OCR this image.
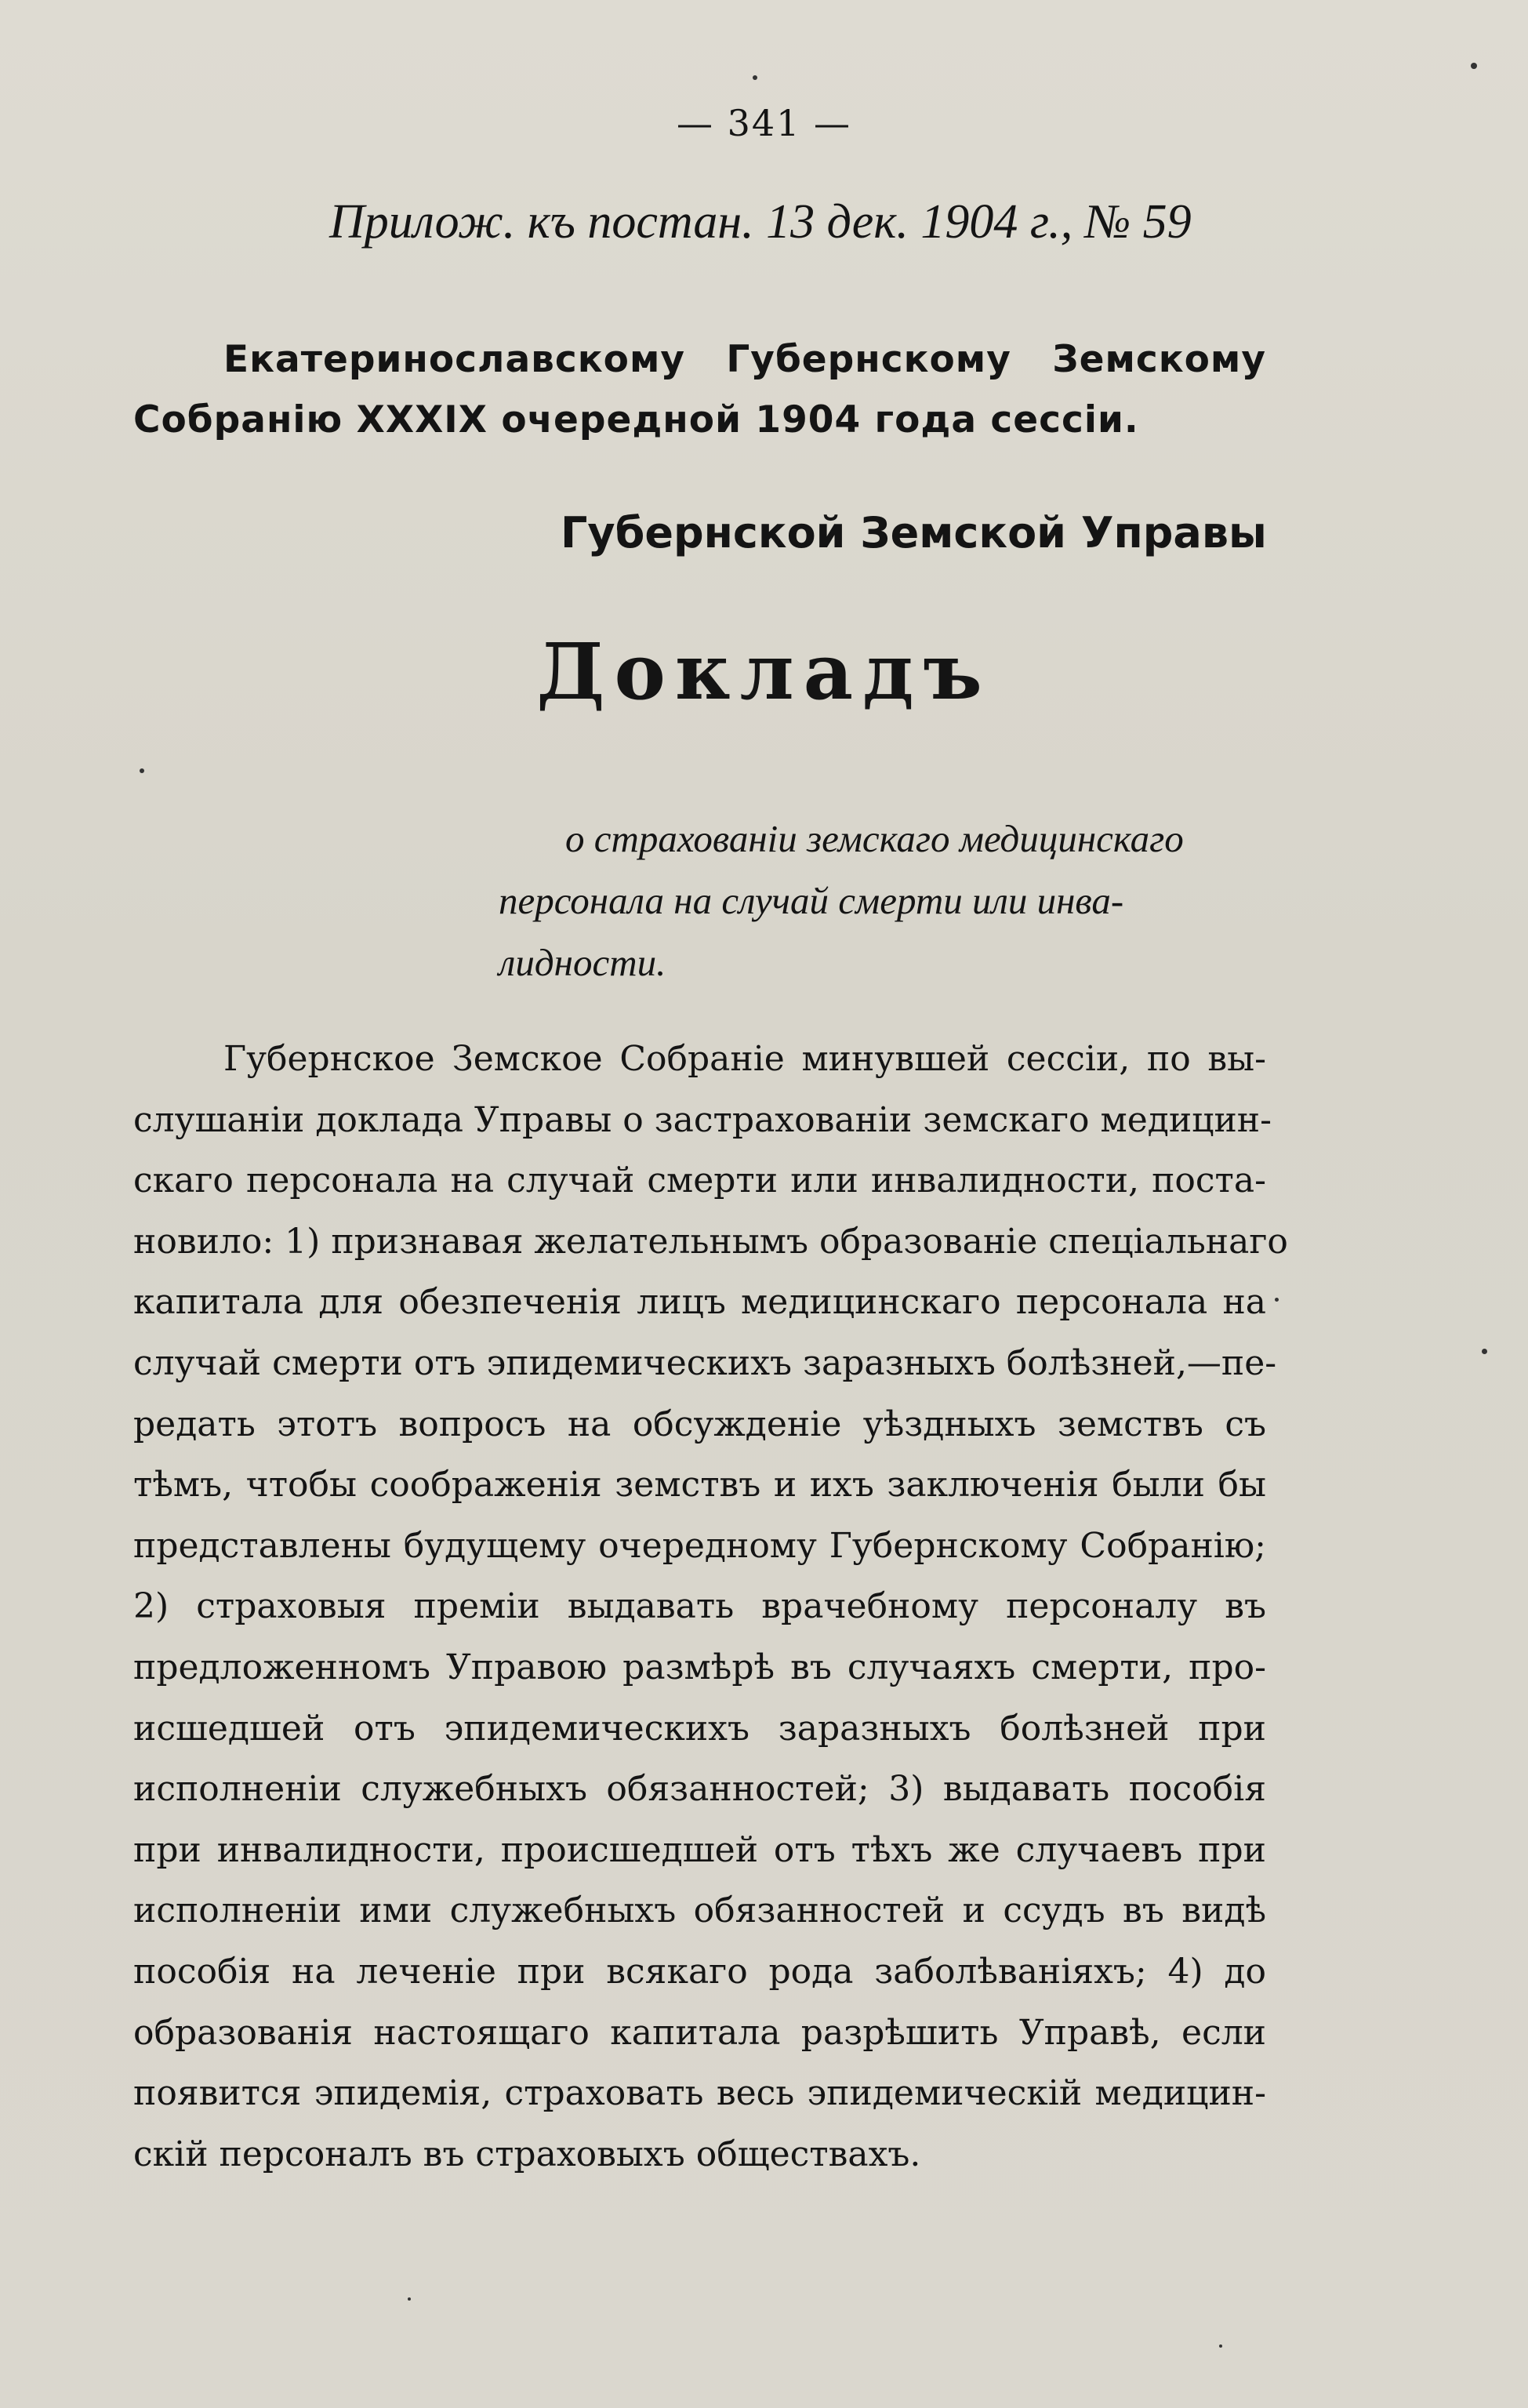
— 341 —
Прилож. къ постан. 13 дек. 1904 г., № 59
Екатеринославскому Губернскому Земскому Собранію XXXIX очередной 1904 года сессіи.
Губернской Земской Управы
Докладъ
о страхованіи земскаго медицинскаго
персонала на случай смерти или инва-
лидности.
Губернское Земское Собраніе минувшей сессіи, по вы-
слушаніи доклада Управы о застрахованіи земскаго медицин-
скаго персонала на случай смерти или инвалидности, поста-
новило: 1) признавая желательнымъ образованіе спеціальнаго
капитала для обезпеченія лицъ медицинскаго персонала на
случай смерти отъ эпидемическихъ заразныхъ болѣзней,—пе-
редать этотъ вопросъ на обсужденіе уѣздныхъ земствъ съ
тѣмъ, чтобы соображенія земствъ и ихъ заключенія были бы
представлены будущему очередному Губернскому Собранію;
2) страховыя преміи выдавать врачебному персоналу въ
предложенномъ Управою размѣрѣ въ случаяхъ смерти, про-
исшедшей отъ эпидемическихъ заразныхъ болѣзней при
исполненіи служебныхъ обязанностей; 3) выдавать пособія
при инвалидности, происшедшей отъ тѣхъ же случаевъ при
исполненіи ими служебныхъ обязанностей и ссудъ въ видѣ
пособія на леченіе при всякаго рода заболѣваніяхъ; 4) до
образованія настоящаго капитала разрѣшить Управѣ, если
появится эпидемія, страховать весь эпидемическій медицин-
скій персоналъ въ страховыхъ обществахъ.
